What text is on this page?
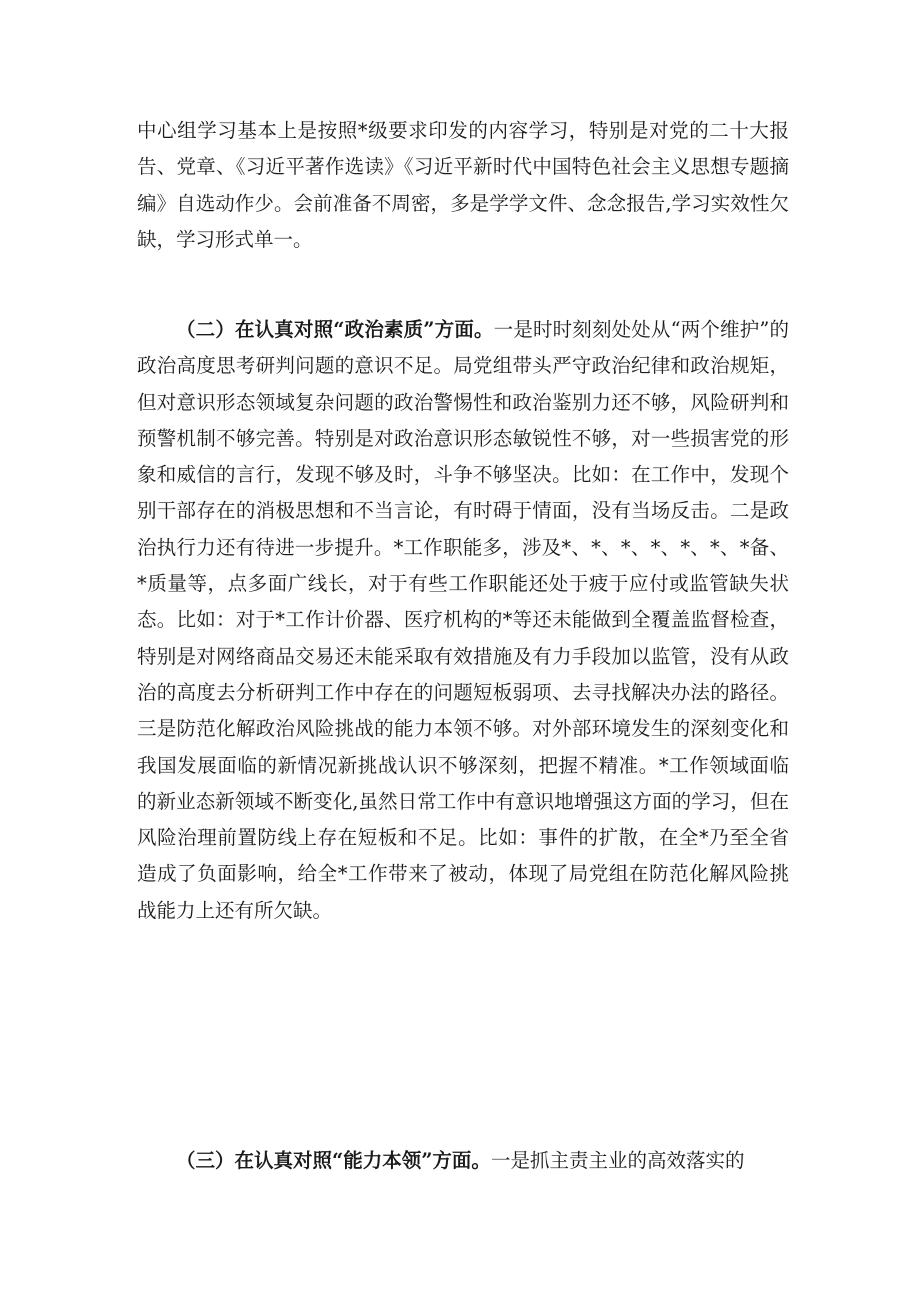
中心组学习基本上是按照*级要求印发的内容学习，特别是对党的二十大报告、党章、《习近平著作选读》《习近平新时代中国特色社会主义思想专题摘编》自选动作少。会前准备不周密，多是学学文件、念念报告,学习实效性欠缺，学习形式单一。

（二）在认真对照“政治素质”方面。一是时时刻刻处处从“两个维护”的政治高度思考研判问题的意识不足。局党组带头严守政治纪律和政治规矩，但对意识形态领域复杂问题的政治警惕性和政治鉴别力还不够，风险研判和预警机制不够完善。特别是对政治意识形态敏锐性不够，对一些损害党的形象和威信的言行，发现不够及时，斗争不够坚决。比如：在工作中，发现个别干部存在的消极思想和不当言论，有时碍于情面，没有当场反击。二是政治执行力还有待进一步提升。*工作职能多，涉及*、*、*、*、*、*、*备、*质量等，点多面广线长，对于有些工作职能还处于疲于应付或监管缺失状态。比如：对于*工作计价器、医疗机构的*等还未能做到全覆盖监督检查，特别是对网络商品交易还未能采取有效措施及有力手段加以监管，没有从政治的高度去分析研判工作中存在的问题短板弱项、去寻找解决办法的路径。三是防范化解政治风险挑战的能力本领不够。对外部环境发生的深刻变化和我国发展面临的新情况新挑战认识不够深刻，把握不精准。*工作领域面临的新业态新领域不断变化,虽然日常工作中有意识地增强这方面的学习，但在风险治理前置防线上存在短板和不足。比如：事件的扩散，在全*乃至全省造成了负面影响，给全*工作带来了被动，体现了局党组在防范化解风险挑战能力上还有所欠缺。

（三）在认真对照“能力本领”方面。一是抓主责主业的高效落实的
